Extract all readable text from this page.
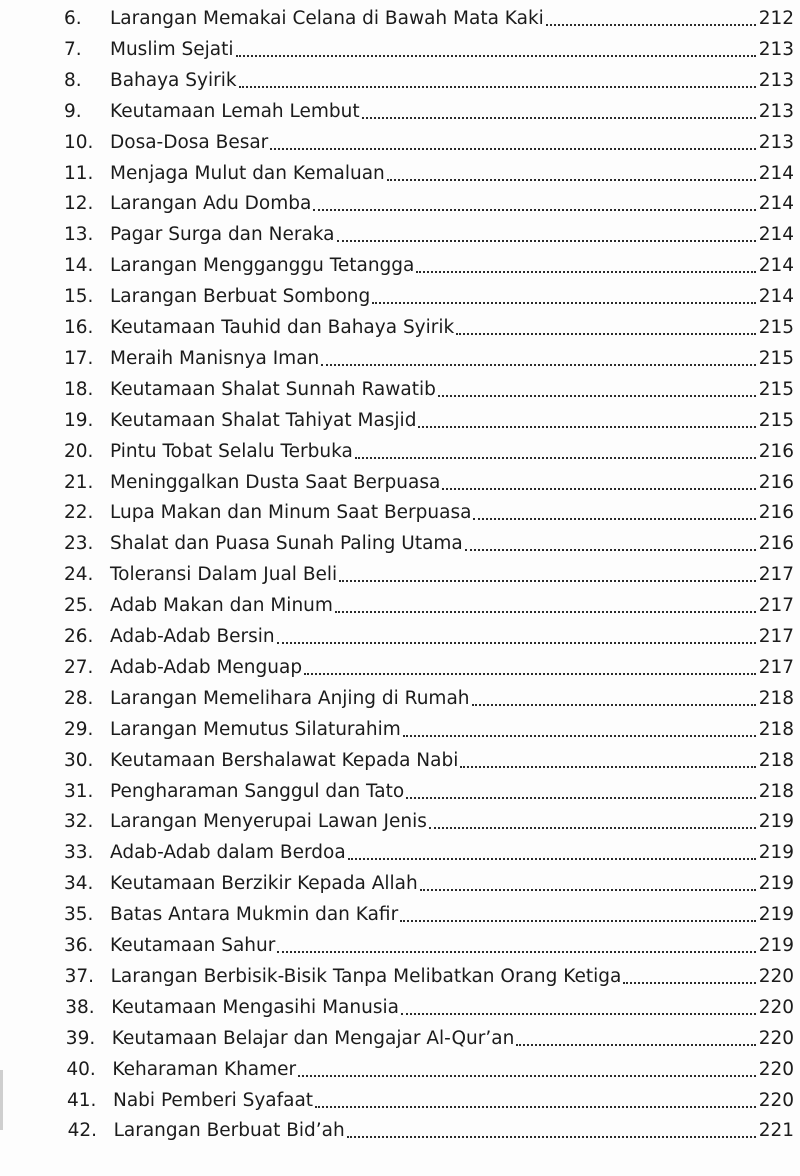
6.	Larangan Memakai Celana di Bawah Mata Kaki	212
7.	Muslim Sejati	213
8.	Bahaya Syirik	213
9.	Keutamaan Lemah Lembut	213
10. Dosa-Dosa Besar	213
11. Menjaga Mulut dan Kemaluan	214
12. Larangan Adu Domba	214
13. Pagar Surga dan Neraka	214
14. Larangan Mengganggu Tetangga	214
15. Larangan Berbuat Sombong	214
16. Keutamaan Tauhid dan Bahaya Syirik	215
17. Meraih Manisnya Iman	215
18. Keutamaan Shalat Sunnah Rawatib	215
19. Keutamaan Shalat Tahiyat Masjid	215
20. Pintu Tobat Selalu Terbuka	216
21. Meninggalkan Dusta Saat Berpuasa	216
22. Lupa Makan dan Minum Saat Berpuasa	216
23. Shalat dan Puasa Sunah Paling Utama	216
24. Toleransi Dalam Jual Beli	217
25. Adab Makan dan Minum	217
26. Adab-Adab Bersin	217
27. Adab-Adab Menguap	217
28. Larangan Memelihara Anjing di Rumah	218
29. Larangan Memutus Silaturahim	218
30. Keutamaan Bershalawat Kepada Nabi	218
31. Pengharaman Sanggul dan Tato	218
32. Larangan Menyerupai Lawan Jenis	219
33. Adab-Adab dalam Berdoa	219
34. Keutamaan Berzikir Kepada Allah	219
35. Batas Antara Mukmin dan Kafir	219
36. Keutamaan Sahur	219
37. Larangan Berbisik-Bisik Tanpa Melibatkan Orang Ketiga	220
38. Keutamaan Mengasihi Manusia	220
39. Keutamaan Belajar dan Mengajar Al-Qur’an	220
40. Keharaman Khamer	220
41. Nabi Pemberi Syafaat	220
42. Larangan Berbuat Bid’ah	221
